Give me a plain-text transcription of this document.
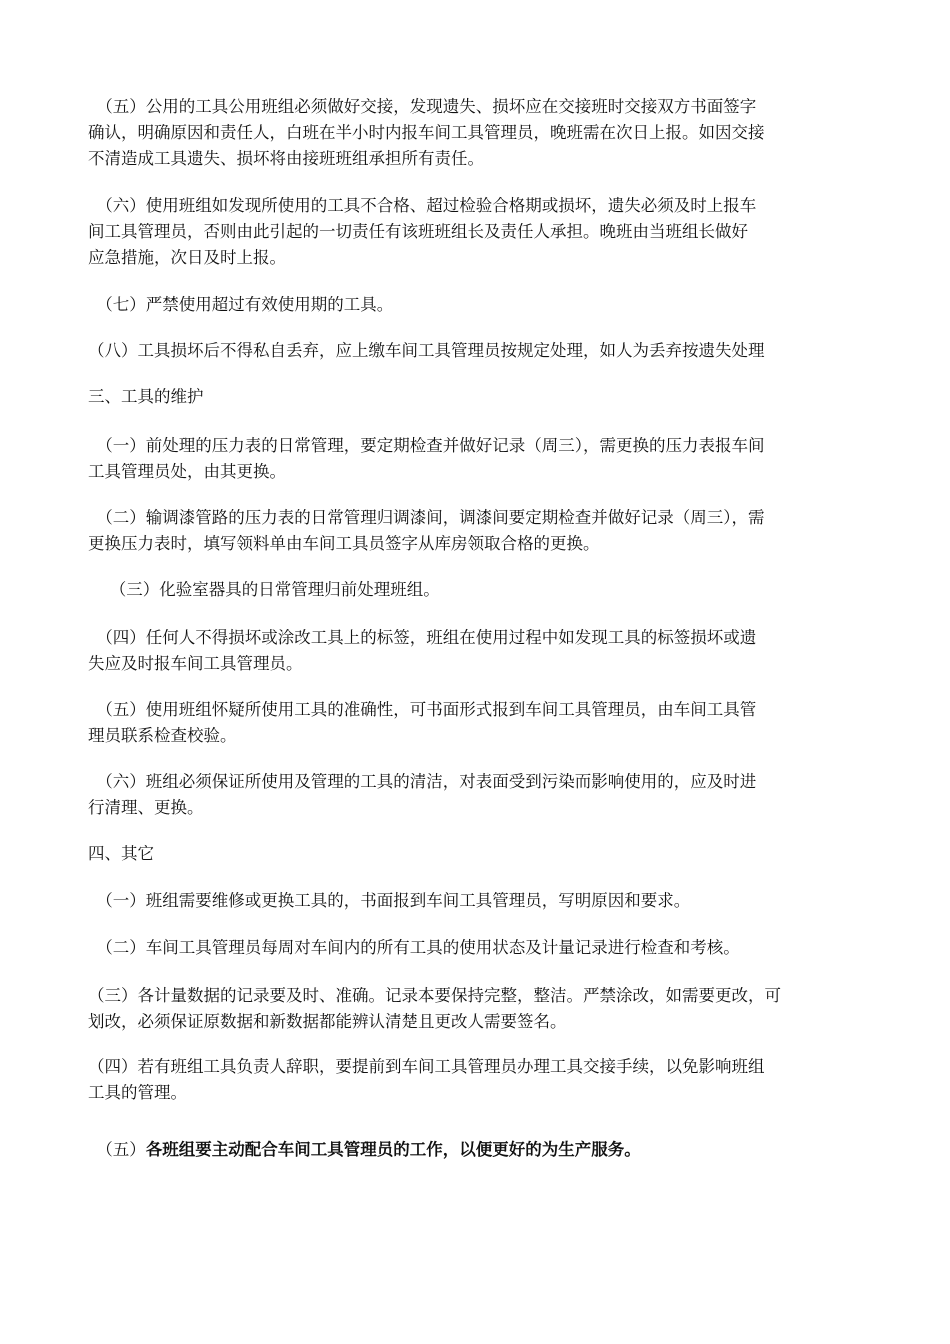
　（五）公用的工具公用班组必须做好交接，发现遗失、损坏应在交接班时交接双方书面签字
确认，明确原因和责任人，白班在半小时内报车间工具管理员，晚班需在次日上报。如因交接
不清造成工具遗失、损坏将由接班班组承担所有责任。

　（六）使用班组如发现所使用的工具不合格、超过检验合格期或损坏，遗失必须及时上报车
间工具管理员，否则由此引起的一切责任有该班班组长及责任人承担。晚班由当班组长做好
应急措施，次日及时上报。

　（七）严禁使用超过有效使用期的工具。

（八）工具损坏后不得私自丢弃，应上缴车间工具管理员按规定处理，如人为丢弃按遗失处理

三、工具的维护

　（一）前处理的压力表的日常管理，要定期检查并做好记录（周三），需更换的压力表报车间
工具管理员处，由其更换。

　（二）输调漆管路的压力表的日常管理归调漆间，调漆间要定期检查并做好记录（周三），需
更换压力表时，填写领料单由车间工具员签字从库房领取合格的更换。

　 （三）化验室器具的日常管理归前处理班组。

　（四）任何人不得损坏或涂改工具上的标签，班组在使用过程中如发现工具的标签损坏或遗
失应及时报车间工具管理员。

　（五）使用班组怀疑所使用工具的准确性，可书面形式报到车间工具管理员，由车间工具管
理员联系检查校验。

　（六）班组必须保证所使用及管理的工具的清洁，对表面受到污染而影响使用的，应及时进
行清理、更换。

四、其它

　（一）班组需要维修或更换工具的，书面报到车间工具管理员，写明原因和要求。

　（二）车间工具管理员每周对车间内的所有工具的使用状态及计量记录进行检查和考核。

（三）各计量数据的记录要及时、准确。记录本要保持完整，整洁。严禁涂改，如需要更改，可
划改，必须保证原数据和新数据都能辨认清楚且更改人需要签名。

（四）若有班组工具负责人辞职，要提前到车间工具管理员办理工具交接手续，以免影响班组
工具的管理。

　（五）各班组要主动配合车间工具管理员的工作，以便更好的为生产服务。
